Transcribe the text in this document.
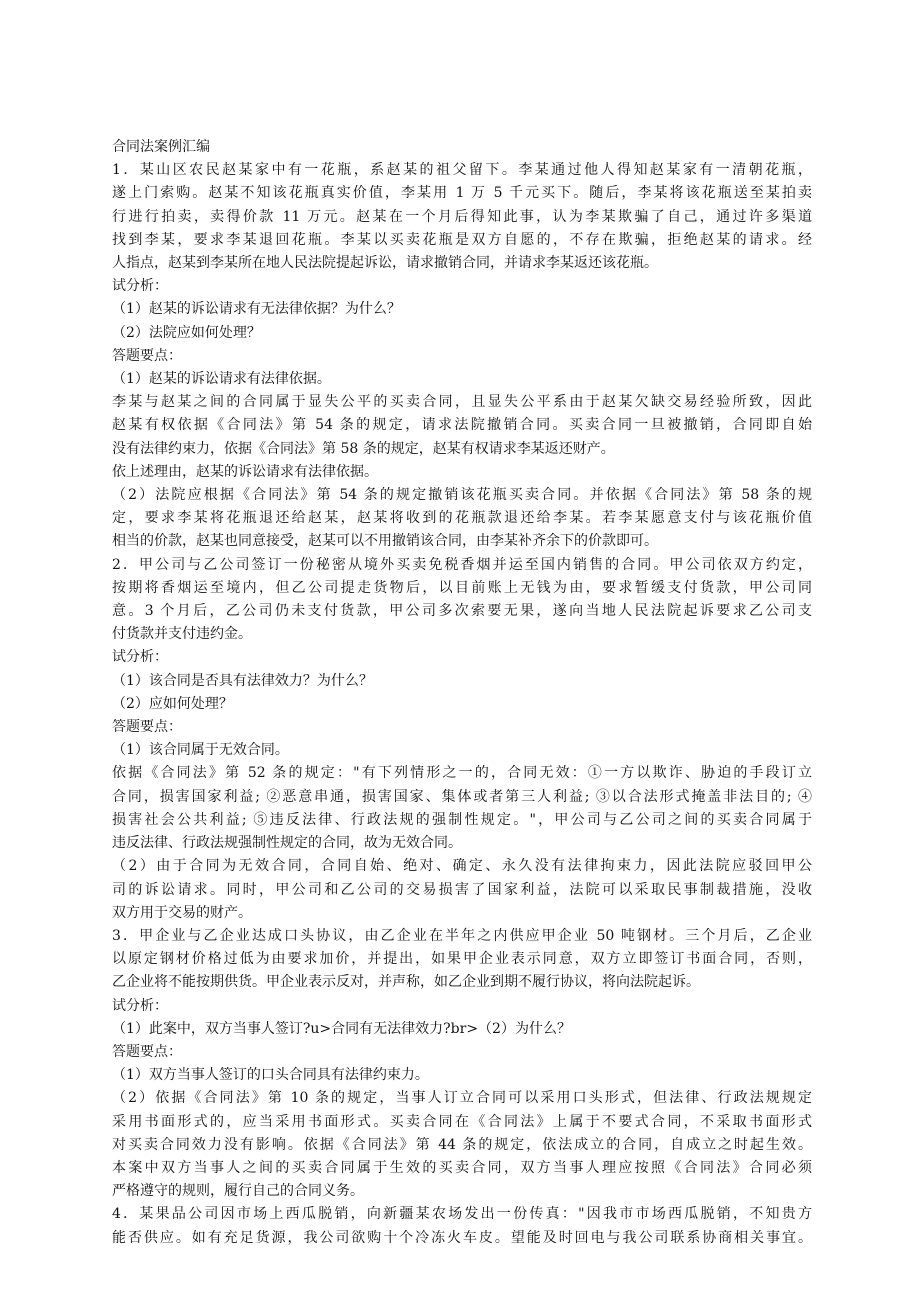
合同法案例汇编
1．某山区农民赵某家中有一花瓶，系赵某的祖父留下。李某通过他人得知赵某家有一清朝花瓶，
遂上门索购。赵某不知该花瓶真实价值，李某用 1 万 5 千元买下。随后，李某将该花瓶送至某拍卖
行进行拍卖，卖得价款 11 万元。赵某在一个月后得知此事，认为李某欺骗了自己，通过许多渠道
找到李某，要求李某退回花瓶。李某以买卖花瓶是双方自愿的，不存在欺骗，拒绝赵某的请求。经
人指点，赵某到李某所在地人民法院提起诉讼，请求撤销合同，并请求李某返还该花瓶。
试分析：
（1）赵某的诉讼请求有无法律依据？为什么？
（2）法院应如何处理？
答题要点：
（1）赵某的诉讼请求有法律依据。
李某与赵某之间的合同属于显失公平的买卖合同，且显失公平系由于赵某欠缺交易经验所致，因此
赵某有权依据《合同法》第 54 条的规定，请求法院撤销合同。买卖合同一旦被撤销，合同即自始
没有法律约束力，依据《合同法》第 58 条的规定，赵某有权请求李某返还财产。
依上述理由，赵某的诉讼请求有法律依据。
（2）法院应根据《合同法》第 54 条的规定撤销该花瓶买卖合同。并依据《合同法》第 58 条的规
定，要求李某将花瓶退还给赵某，赵某将收到的花瓶款退还给李某。若李某愿意支付与该花瓶价值
相当的价款，赵某也同意接受，赵某可以不用撤销该合同，由李某补齐余下的价款即可。
2．甲公司与乙公司签订一份秘密从境外买卖免税香烟并运至国内销售的合同。甲公司依双方约定，
按期将香烟运至境内，但乙公司提走货物后，以目前账上无钱为由，要求暂缓支付货款，甲公司同
意。3 个月后，乙公司仍未支付货款，甲公司多次索要无果，遂向当地人民法院起诉要求乙公司支
付货款并支付违约金。
试分析：
（1）该合同是否具有法律效力？为什么？
（2）应如何处理？
答题要点：
（1）该合同属于无效合同。
依据《合同法》第 52 条的规定："有下列情形之一的，合同无效：①一方以欺诈、胁迫的手段订立
合同，损害国家利益; ②恶意串通，损害国家、集体或者第三人利益; ③以合法形式掩盖非法目的; ④
损害社会公共利益; ⑤违反法律、行政法规的强制性规定。"，甲公司与乙公司之间的买卖合同属于
违反法律、行政法规强制性规定的合同，故为无效合同。
（2）由于合同为无效合同，合同自始、绝对、确定、永久没有法律拘束力，因此法院应驳回甲公
司的诉讼请求。同时，甲公司和乙公司的交易损害了国家利益，法院可以采取民事制裁措施，没收
双方用于交易的财产。
3．甲企业与乙企业达成口头协议，由乙企业在半年之内供应甲企业 50 吨钢材。三个月后，乙企业
以原定钢材价格过低为由要求加价，并提出，如果甲企业表示同意，双方立即签订书面合同，否则，
乙企业将不能按期供货。甲企业表示反对，并声称，如乙企业到期不履行协议，将向法院起诉。
试分析：
（1）此案中，双方当事人签订?u>合同有无法律效力?br>（2）为什么？
答题要点：
（1）双方当事人签订的口头合同具有法律约束力。
（2）依据《合同法》第 10 条的规定，当事人订立合同可以采用口头形式，但法律、行政法规规定
采用书面形式的，应当采用书面形式。买卖合同在《合同法》上属于不要式合同，不采取书面形式
对买卖合同效力没有影响。依据《合同法》第 44 条的规定，依法成立的合同，自成立之时起生效。
本案中双方当事人之间的买卖合同属于生效的买卖合同，双方当事人理应按照《合同法》合同必须
严格遵守的规则，履行自己的合同义务。
4．某果品公司因市场上西瓜脱销，向新疆某农场发出一份传真："因我市市场西瓜脱销，不知贵方
能否供应。如有充足货源，我公司欲购十个冷冻火车皮。望能及时回电与我公司联系协商相关事宜。
